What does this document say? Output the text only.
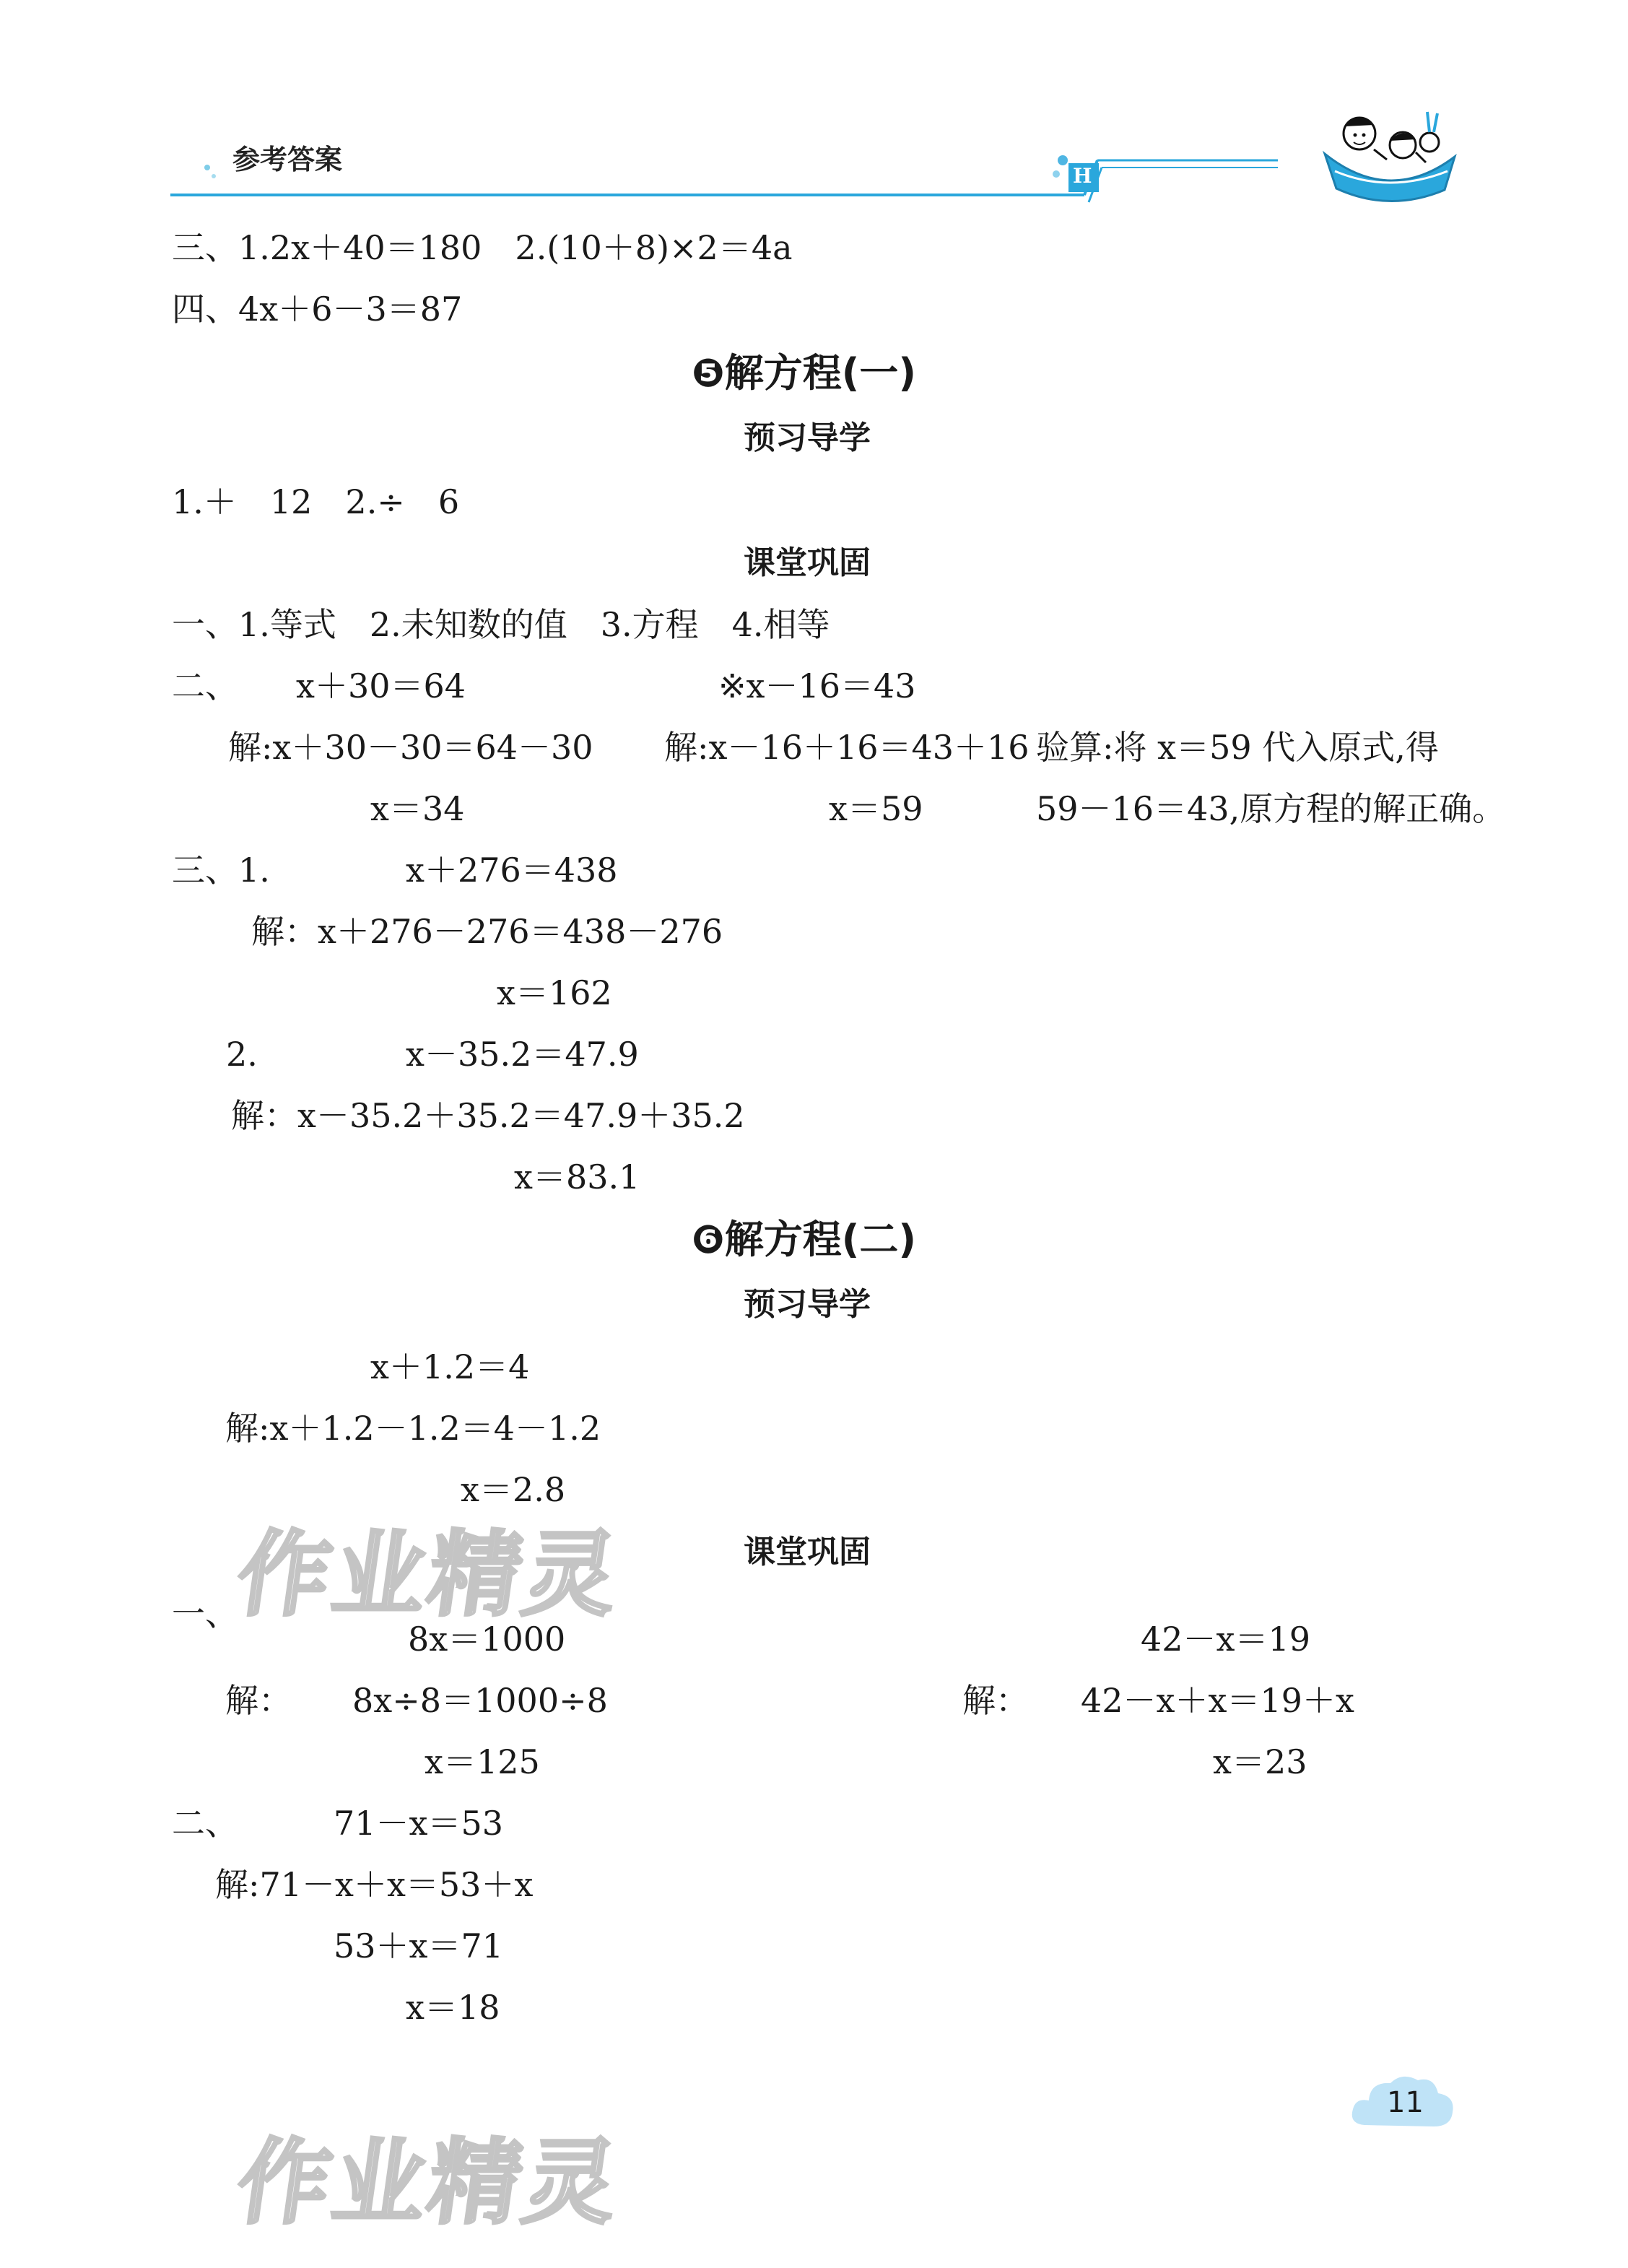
参考答案
H
三、1.2x＋40＝180　2.(10＋8)×2＝4a
四、4x＋6－3＝87
❺解方程(一)
预习导学
1.＋　12　2.÷　6
课堂巩固
一、1.等式　2.未知数的值　3.方程　4.相等
二、 x＋30＝64	※x－16＝43
解:x＋30－30＝64－30 解:x－16＋16＝43＋16 验算:将 x＝59 代入原式,得
x＝34	x＝59	59－16＝43,原方程的解正确。
三、1.	x＋276＝438
解：x＋276－276＝438－276
x＝162
2.	x－35.2＝47.9
解：x－35.2＋35.2＝47.9＋35.2
x＝83.1
❻解方程(二)
预习导学
x＋1.2＝4
解:x＋1.2－1.2＝4－1.2
x＝2.8
课堂巩固
一、
8x＝1000	42－x＝19
解： 8x÷8＝1000÷8	解： 42－x＋x＝19＋x
x＝125	x＝23
二、	71－x＝53
解:71－x＋x＝53＋x
53＋x＝71
x＝18
作业精灵
作业精灵
11
